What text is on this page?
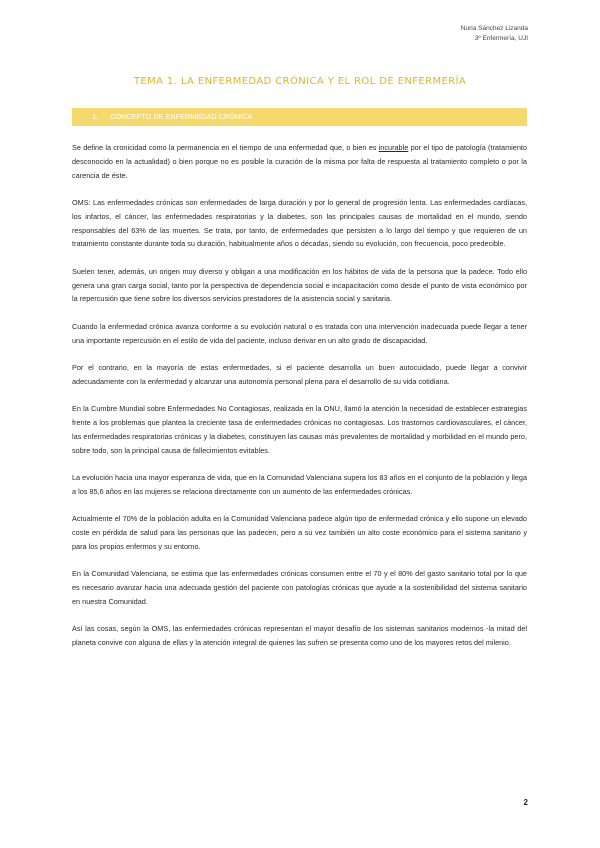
Nuria Sánchez Lizanda
3º Enfermería, UJI
TEMA 1. LA ENFERMEDAD CRÓNICA Y EL ROL DE ENFERMERÍA
1. CONCEPTO DE ENFERMEDAD CRÓNICA

Se define la cronicidad como la permanencia en el tiempo de una enfermedad que, o bien es incurable por el tipo de patología (tratamiento desconocido en la actualidad) o bien porque no es posible la curación de la misma por falta de respuesta al tratamiento completo o por la carencia de éste.

OMS: Las enfermedades crónicas son enfermedades de larga duración y por lo general de progresión lenta. Las enfermedades cardíacas, los infartos, el cáncer, las enfermedades respiratorias y la diabetes, son las principales causas de mortalidad en el mundo, siendo responsables del 63% de las muertes. Se trata, por tanto, de enfermedades que persisten a lo largo del tiempo y que requieren de un tratamiento constante durante toda su duración, habitualmente años o décadas, siendo su evolución, con frecuencia, poco predecible.

Suelen tener, además, un origen muy diverso y obligan a una modificación en los hábitos de vida de la persona que la padece. Todo ello genera una gran carga social, tanto por la perspectiva de dependencia social e incapacitación como desde el punto de vista económico por la repercusión que tiene sobre los diversos servicios prestadores de la asistencia social y sanitaria.

Cuando la enfermedad crónica avanza conforme a su evolución natural o es tratada con una intervención inadecuada puede llegar a tener una importante repercusión en el estilo de vida del paciente, incluso derivar en un alto grado de discapacidad.

Por el contrario, en la mayoría de estas enfermedades, si el paciente desarrolla un buen autocuidado, puede llegar a convivir adecuadamente con la enfermedad y alcanzar una autonomía personal plena para el desarrollo de su vida cotidiana.

En la Cumbre Mundial sobre Enfermedades No Contagiosas, realizada en la ONU, llamó la atención la necesidad de establecer estrategias frente a los problemas que plantea la creciente tasa de enfermedades crónicas no contagiosas. Los trastornos cardiovasculares, el cáncer, las enfermedades respiratorias crónicas y la diabetes, constituyen las causas más prevalentes de mortalidad y morbilidad en el mundo pero, sobre todo, son la principal causa de fallecimientos evitables.

La evolución hacia una mayor esperanza de vida, que en la Comunidad Valenciana supera los 83 años en el conjunto de la población y llega a los 85,6 años en las mujeres se relaciona directamente con un aumento de las enfermedades crónicas.

Actualmente el 70% de la población adulta en la Comunidad Valenciana padece algún tipo de enfermedad crónica y ello supone un elevado coste en pérdida de salud para las personas que las padecen, pero a su vez también un alto coste económico para el sistema sanitario y para los propios enfermos y su entorno.

En la Comunidad Valenciana, se estima que las enfermedades crónicas consumen entre el 70 y el 80% del gasto sanitario total por lo que es necesario avanzar hacia una adecuada gestión del paciente con patologías crónicas que ayude a la sostenibilidad del sistema sanitario en nuestra Comunidad.

Así las cosas, según la OMS, las enfermedades crónicas representan el mayor desafío de los sistemas sanitarios modernos -la mitad del planeta convive con alguna de ellas y la atención integral de quienes las sufren se presenta como uno de los mayores retos del milenio.

2
